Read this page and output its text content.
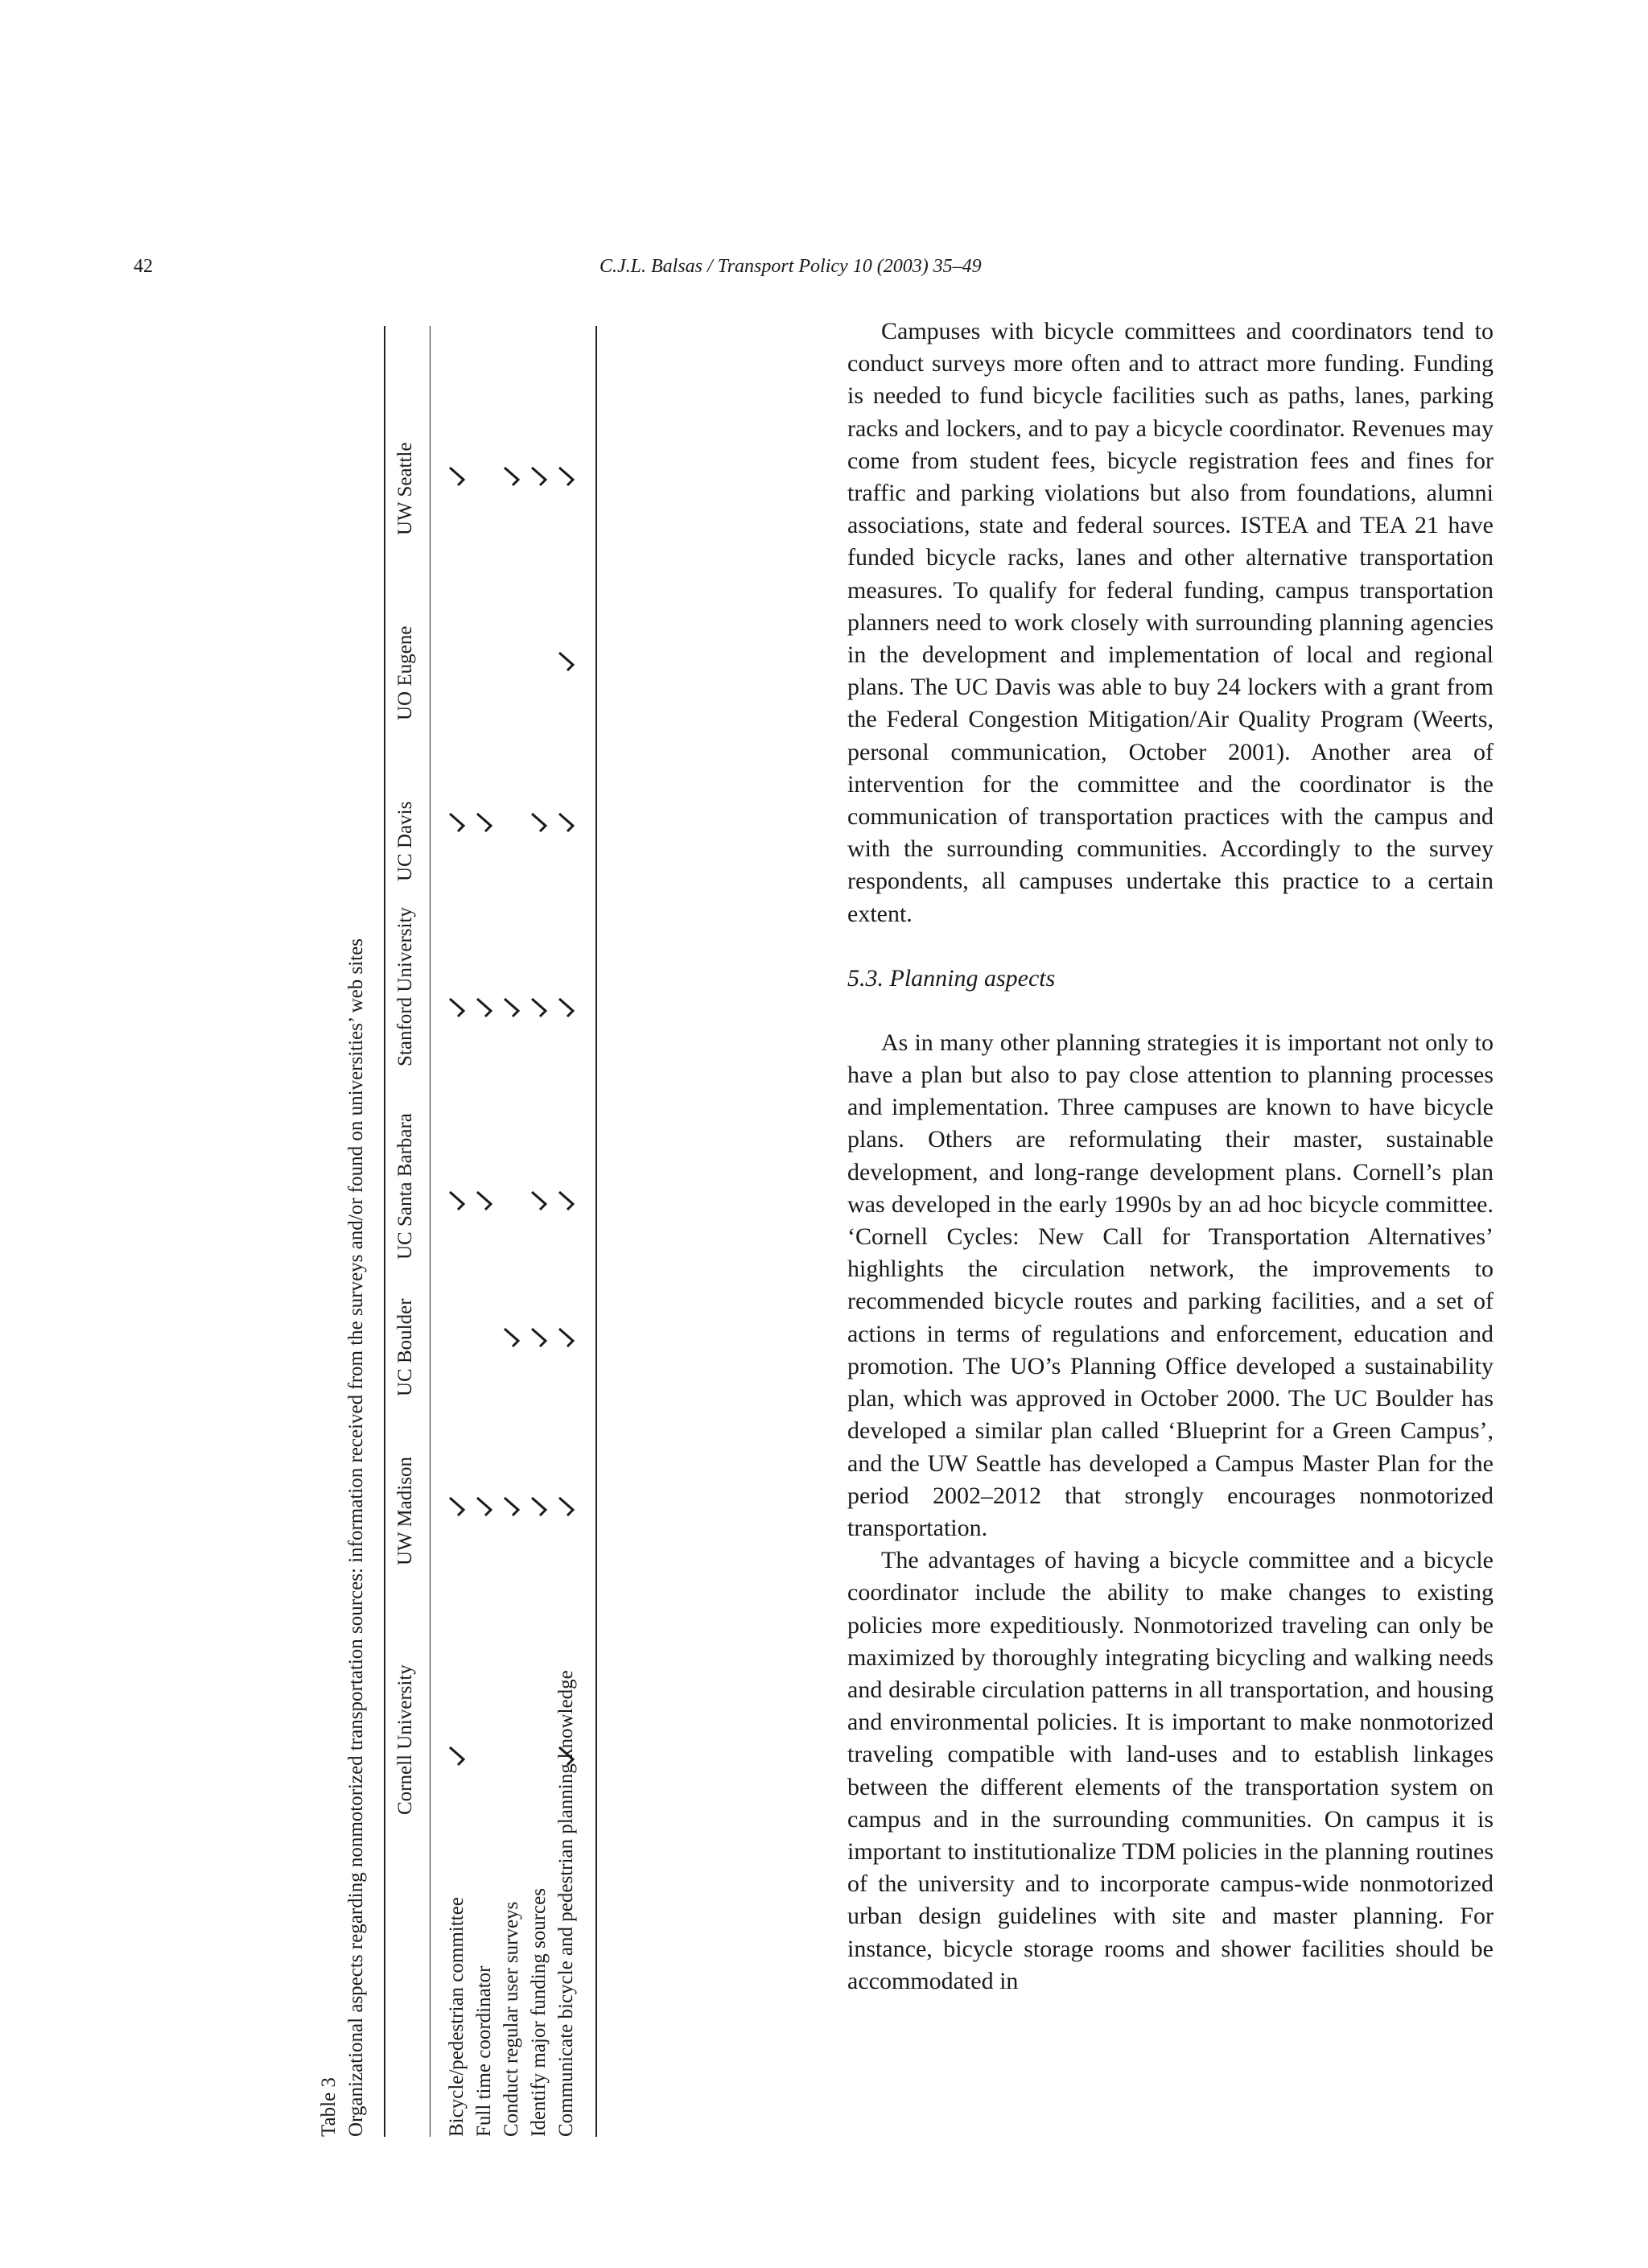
42	C.J.L. Balsas / Transport Policy 10 (2003) 35–49
Table 3 Organizational aspects regarding nonmotorized transportation sources: information received from the surveys and/or found on universities’ web sites Cornell University
UW Madison
UC Boulder
UC Santa Barbara
Stanford University
UC Davis
UO Eugene
UW Seattle
Bicycle/pedestrian committee Full time coordinator Conduct regular user surveys Identify major funding sources Communicate bicycle and pedestrian planning knowledge

Campuses with bicycle committees and coordinators tend to conduct surveys more often and to attract more funding. Funding is needed to fund bicycle facilities such as paths, lanes, parking racks and lockers, and to pay a bicycle coordinator. Revenues may come from student fees, bicycle registration fees and fines for traffic and parking violations but also from foundations, alumni associations, state and federal sources. ISTEA and TEA 21 have funded bicycle racks, lanes and other alternative transportation measures. To qualify for federal funding, campus transportation planners need to work closely with surrounding planning agencies in the development and implementation of local and regional plans. The UC Davis was able to buy 24 lockers with a grant from the Federal Congestion Mitigation/Air Quality Program (Weerts, personal communication, October 2001). Another area of intervention for the committee and the coordinator is the communication of transportation practices with the campus and with the surrounding communities. Accordingly to the survey respondents, all campuses undertake this practice to a certain extent.

5.3. Planning aspects

As in many other planning strategies it is important not only to have a plan but also to pay close attention to planning processes and implementation. Three campuses are known to have bicycle plans. Others are reformulating their master, sustainable development, and long-range development plans. Cornell’s plan was developed in the early 1990s by an ad hoc bicycle committee. ‘Cornell Cycles: New Call for Transportation Alternatives’ highlights the circulation network, the improvements to recommended bicycle routes and parking facilities, and a set of actions in terms of regulations and enforcement, education and promotion. The UO’s Planning Office developed a sustainability plan, which was approved in October 2000. The UC Boulder has developed a similar plan called ‘Blueprint for a Green Campus’, and the UW Seattle has developed a Campus Master Plan for the period 2002–2012 that strongly encourages nonmotorized transportation.

The advantages of having a bicycle committee and a bicycle coordinator include the ability to make changes to existing policies more expeditiously. Nonmotorized traveling can only be maximized by thoroughly integrating bicycling and walking needs and desirable circulation patterns in all transportation, and housing and environmental policies. It is important to make nonmotorized traveling compatible with land-uses and to establish linkages between the different elements of the transportation system on campus and in the surrounding communities. On campus it is important to institutionalize TDM policies in the planning routines of the university and to incorporate campus-wide nonmotorized urban design guidelines with site and master planning. For instance, bicycle storage rooms and shower facilities should be accommodated in
